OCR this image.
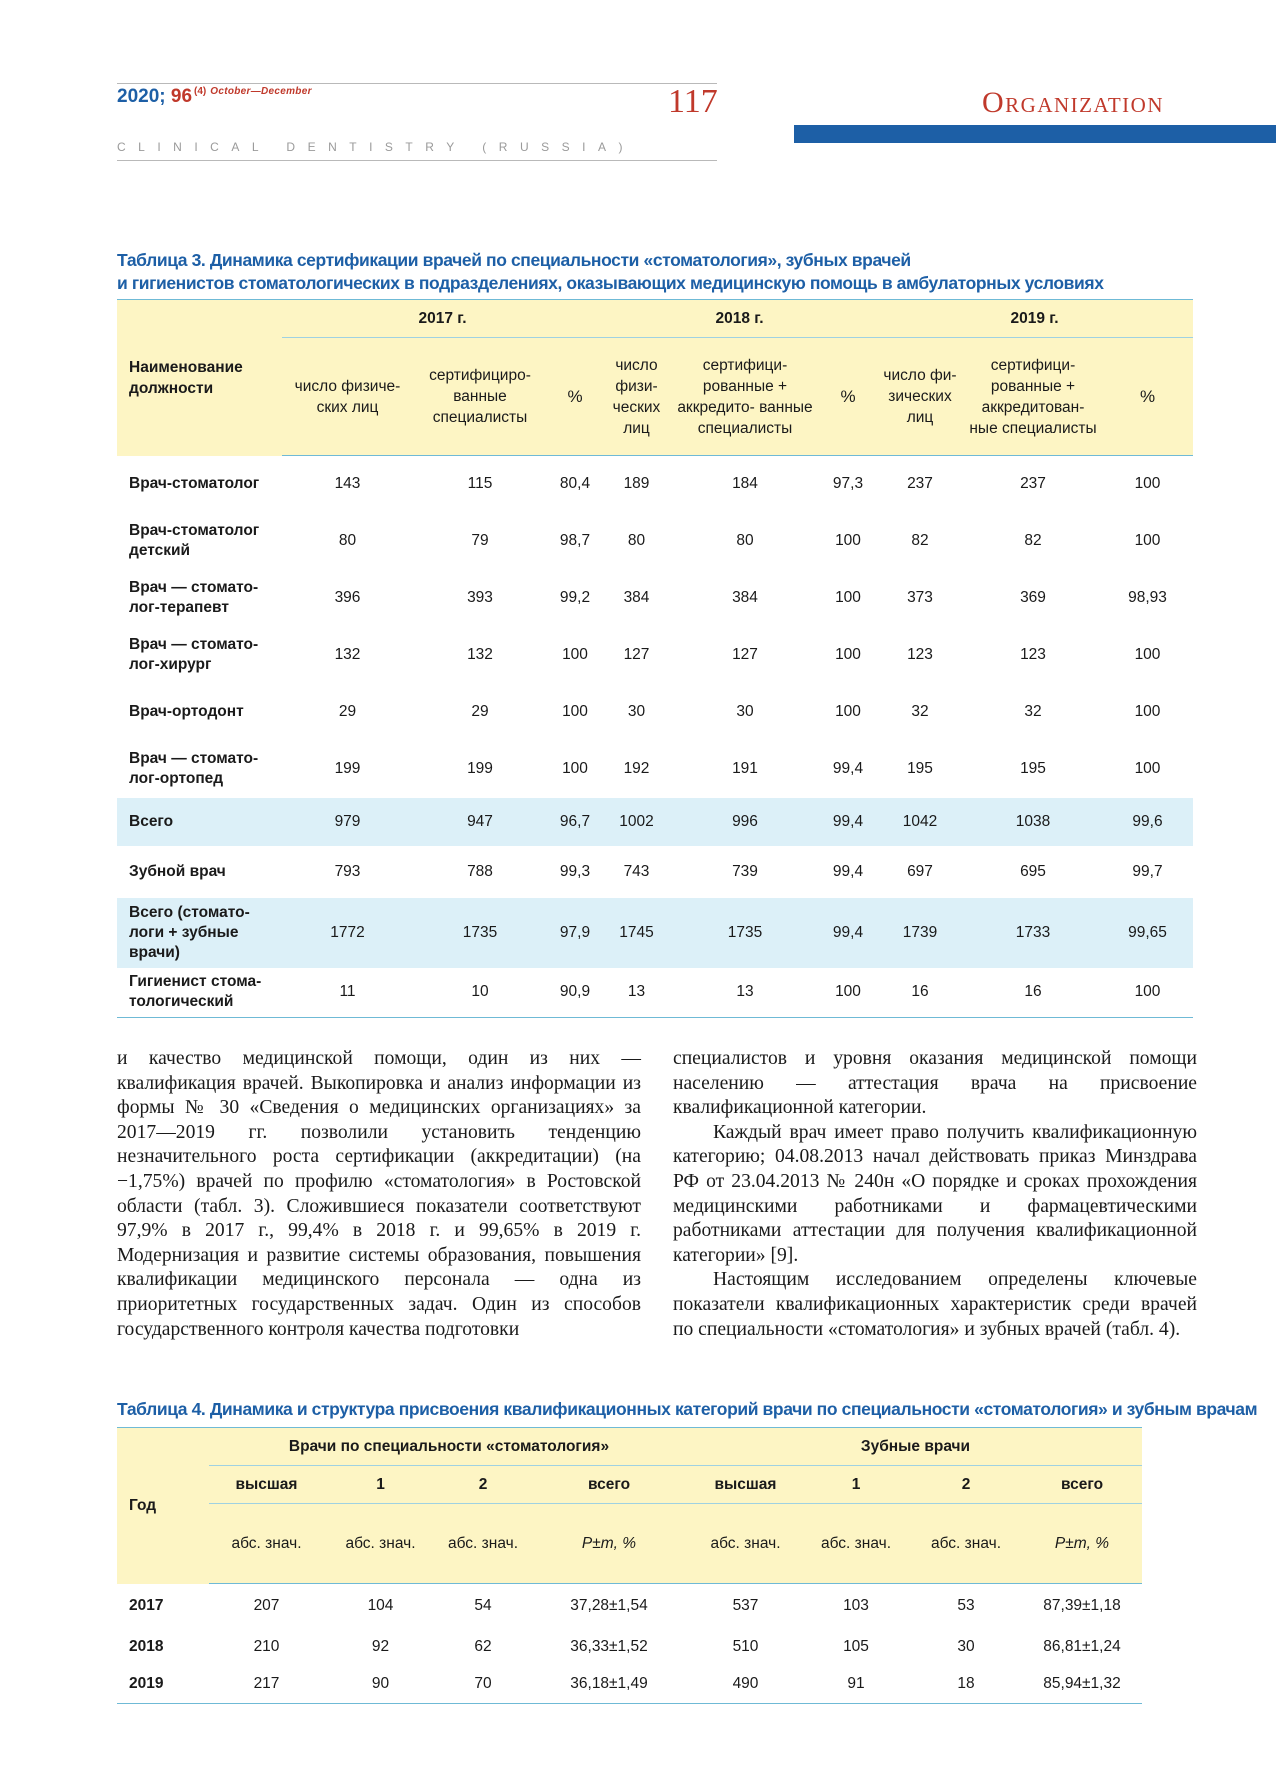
2020; 96 $^{(4)}$ $^{October—December}$	117
CLINICAL DENTISTRY (RUSSIA)
Organization
Таблица 3. Динамика сертификации врачей по специальности «стоматология», зубных врачей
и гигиенистов стоматологических в подразделениях, оказывающих медицинскую помощь в амбулаторных условиях
Наименование должности	2017 г.			2018 г.			2019 г.		
	число физиче- ских лиц	сертифициро- ванные специалисты	%	число физи- ческих лиц	сертифици- рованные + аккредито- ванные специалисты	%	число фи- зических лиц	сертифици- рованные + аккредитован- ные специалисты	%
Врач-стоматолог	143	115	80,4	189	184	97,3	237	237	100
Врач-стоматолог детский	80	79	98,7	80	80	100	82	82	100
Врач — стомато- лог-терапевт	396	393	99,2	384	384	100	373	369	98,93
Врач — стомато- лог-хирург	132	132	100	127	127	100	123	123	100
Врач-ортодонт	29	29	100	30	30	100	32	32	100
Врач — стомато- лог-ортопед	199	199	100	192	191	99,4	195	195	100
Всего	979	947	96,7	1002	996	99,4	1042	1038	99,6
Зубной врач	793	788	99,3	743	739	99,4	697	695	99,7
Всего (стомато- логи + зубные врачи)	1772	1735	97,9	1745	1735	99,4	1739	1733	99,65
Гигиенист стома- тологический	11	10	90,9	13	13	100	16	16	100

и качество медицинской помощи, один из них — квалификация врачей. Выкопировка и анализ информации из формы № 30 «Сведения о медицинских организациях» за 2017—2019 гг. позволили установить тенденцию незначительного роста сертификации (аккредитации) (на −1,75%) врачей по профилю «стоматология» в Ростовской области (табл. 3). Сложившиеся показатели соответствуют 97,9% в 2017 г., 99,4% в 2018 г. и 99,65% в 2019 г. Модернизация и развитие системы образования, повышения квалификации медицинского персонала — одна из приоритетных государственных задач. Один из способов государственного контроля качества подготовки

специалистов и уровня оказания медицинской помощи населению — аттестация врача на присвоение квалификационной категории.

Каждый врач имеет право получить квалификационную категорию; 04.08.2013 начал действовать приказ Минздрава РФ от 23.04.2013 № 240н «О порядке и сроках прохождения медицинскими работниками и фармацевтическими работниками аттестации для получения квалификационной категории» [9].

Настоящим исследованием определены ключевые показатели квалификационных характеристик среди врачей по специальности «стоматология» и зубных врачей (табл. 4).

Таблица 4. Динамика и структура присвоения квалификационных категорий врачи по специальности «стоматология» и зубным врачам
Год	Врачи по специальности «стоматология»				Зубные врачи			
	высшая	1	2	всего	высшая	1	2	всего
	абс. знач.	абс. знач.	абс. знач.	P±m, %	абс. знач.	абс. знач.	абс. знач.	P±m, %
2017	207	104	54	37,28±1,54	537	103	53	87,39±1,18
2018	210	92	62	36,33±1,52	510	105	30	86,81±1,24
2019	217	90	70	36,18±1,49	490	91	18	85,94±1,32
